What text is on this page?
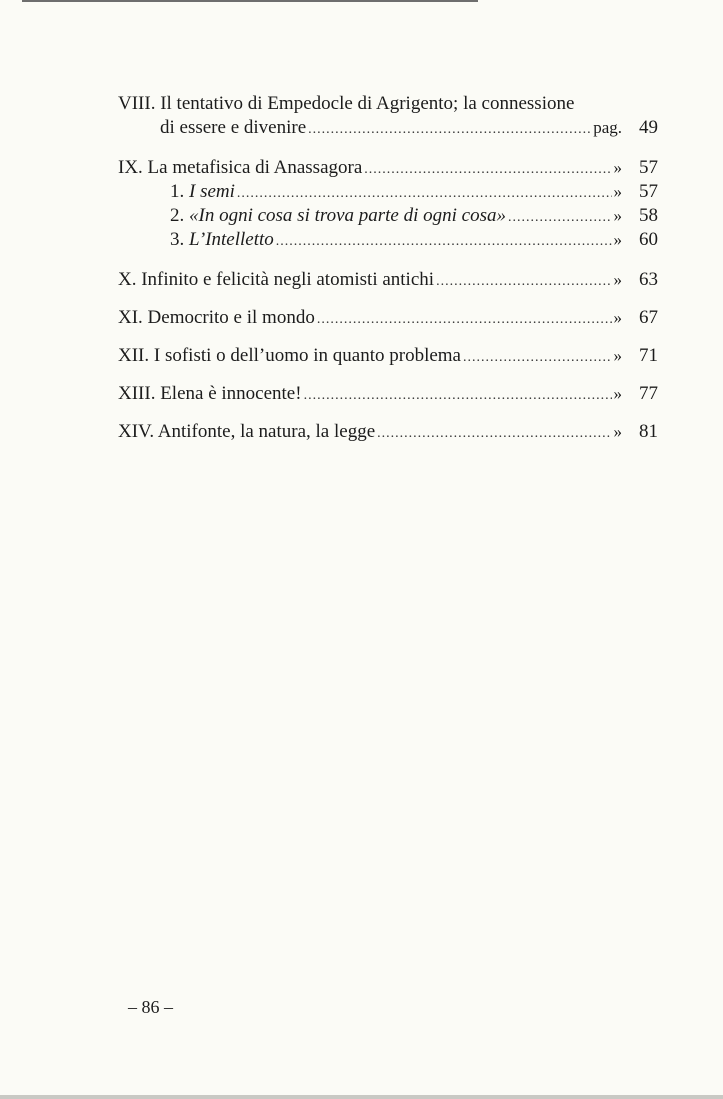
VIII. Il tentativo di Empedocle di Agrigento; la connessione
di essere e divenire .....	pag. 49
IX. La metafisica di Anassagora .....	» 57
1. I semi .....	» 57
2. «In ogni cosa si trova parte di ogni cosa» .....	» 58
3. L’Intelletto .....	» 60
X. Infinito e felicità negli atomisti antichi .....	» 63
XI. Democrito e il mondo .....	» 67
XII. I sofisti o dell’uomo in quanto problema .....	» 71
XIII. Elena è innocente! .....	» 77
XIV. Antifonte, la natura, la legge .....	» 81
– 86 –
